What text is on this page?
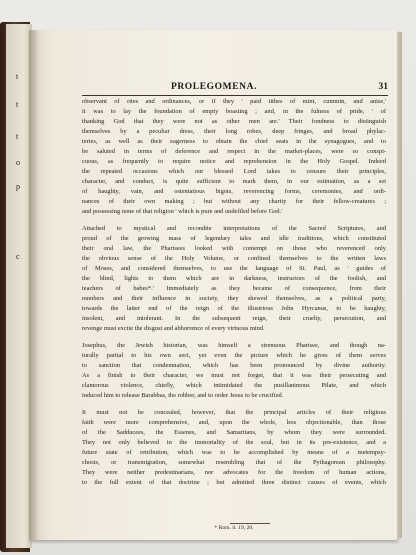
t
t
t
o
p
c
PROLEGOMENA.	31
observant of rites and ordinances, or if they ' paid tithes of mint, cummin, and anise,'
it was to lay the foundation of empty boasting ; and, in the fulness of pride, ' of
thanking God that they were not as other men are.' Their fondness to distinguish
themselves by a peculiar dress, their long robes, deep fringes, and broad phylac-
teries, as well as their eagerness to obtain the chief seats in the synagogues, and to
be saluted in terms of deference and respect in the market-places, were so conspi-
cuous, as frequently to require notice and reprehension in the Holy Gospel. Indeed
the repeated occasions which our blessed Lord takes to censure their principles,
character, and conduct, is quite sufficient to mark them, in our estimation, as a set
of haughty, vain, and ostentatious bigots, reverencing forms, ceremonies, and ordi-
nances of their own making ; but without any charity for their fellow-creatures ;
and possessing none of that religion ' which is pure and undefiled before God.'
Attached to mystical and recondite interpretations of the Sacred Scriptures, and
proud of the growing mass of legendary tales and idle traditions, which constituted
their oral law, the Pharisees looked with contempt on those who reverenced only
the obvious sense of the Holy Volume, or confined themselves to the written laws
of Moses, and considered themselves, to use the language of St. Paul, as ' guides of
the blind, lights to them which are in darkness, instructors of the foolish, and
teachers of babes*.' Immediately as they became of consequence, from their
numbers and their influence in society, they shewed themselves, as a political party,
towards the latter end of the reign of the illustrious John Hyrcanus, to be haughty,
insolent, and intolerant. In the subsequent reign, their cruelty, persecution, and
revenge must excite the disgust and abhorrence of every virtuous mind.
Josephus, the Jewish historian, was himself a strenuous Pharisee, and though na-
turally partial to his own sect, yet even the picture which he gives of them serves
to sanction that condemnation, which has been pronounced by divine authority.
As a finish to their character, we must not forget, that it was their persecuting and
clamorous violence, chiefly, which intimidated the pusillanimous Pilate, and which
induced him to release Barabbas, the robber, and to order Jesus to be crucified.
It must not be concealed, however, that the principal articles of their religious
faith were more comprehensive, and, upon the whole, less objectionable, than those
of the Sadducees, the Essenes, and Samaritans, by whom they were surrounded.
They not only believed in the immortality of the soul, but in its pre-existence, and a
future state of retribution, which was to be accomplished by means of a metempsy-
chosis, or transmigration, somewhat resembling that of the Pythagorean philosophy.
They were neither predestinarians, nor advocates for the freedom of human actions,
to the full extent of that doctrine ; but admitted three distinct causes of events, which
* Rom. ii. 19, 20.
